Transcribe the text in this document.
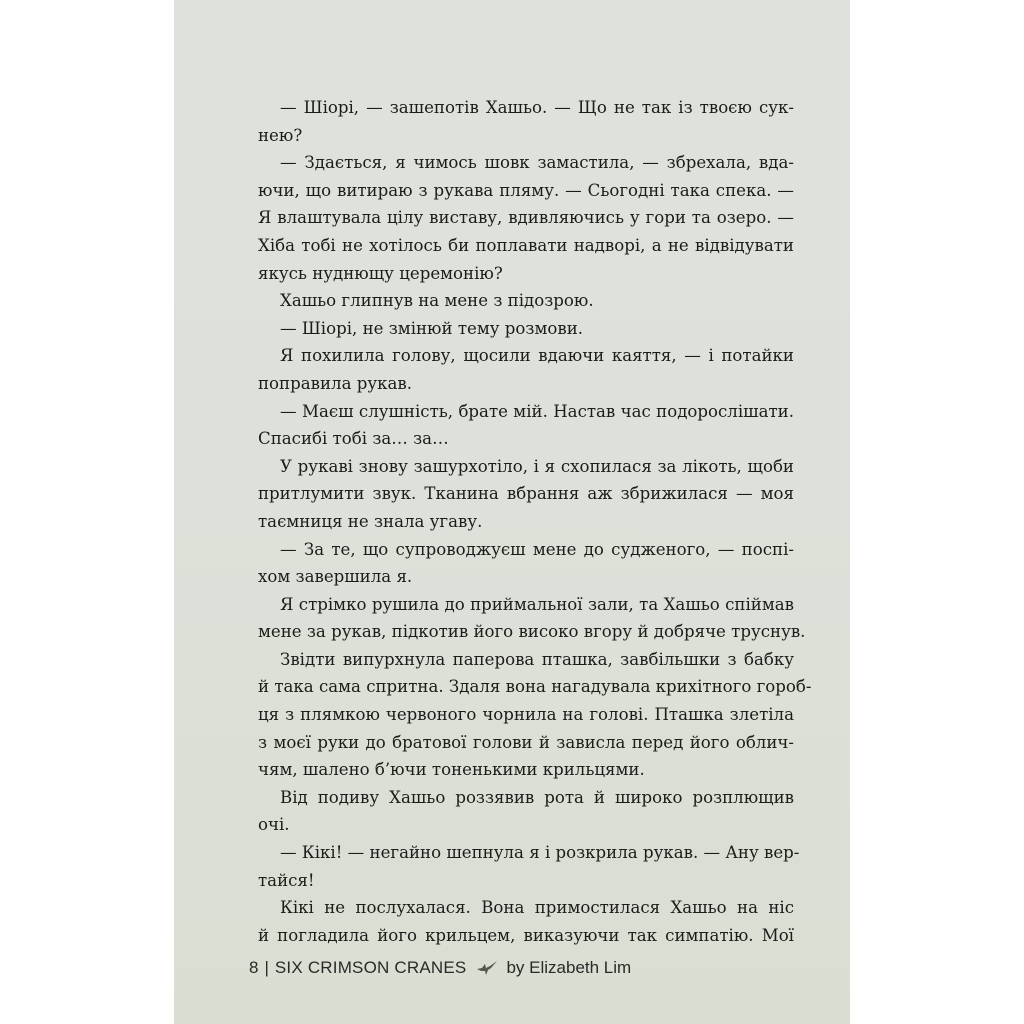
— Шіорі, — зашепотів Хашьо. — Що не так із твоєю сук-
нею?
— Здається, я чимось шовк замастила, — збрехала, вда-
ючи, що витираю з рукава пляму. — Сьогодні така спека. —
Я влаштувала цілу виставу, вдивляючись у гори та озеро. —
Хіба тобі не хотілось би поплавати надворі, а не відвідувати
якусь нуднющу церемонію?
Хашьо глипнув на мене з підозрою.
— Шіорі, не змінюй тему розмови.
Я похилила голову, щосили вдаючи каяття, — і потайки
поправила рукав.
— Маєш слушність, брате мій. Настав час подорослішати.
Спасибі тобі за… за…
У рукаві знову зашурхотіло, і я схопилася за лікоть, щоби
притлумити звук. Тканина вбрання аж збрижилася — моя
таємниця не знала угаву.
— За те, що супроводжуєш мене до судженого, — поспі-
хом завершила я.
Я стрімко рушила до приймальної зали, та Хашьо спіймав
мене за рукав, підкотив його високо вгору й добряче труснув.
Звідти випурхнула паперова пташка, завбільшки з бабку
й така сама спритна. Здаля вона нагадувала крихітного гороб-
ця з плямкою червоного чорнила на голові. Пташка злетіла
з моєї руки до братової голови й зависла перед його облич-
чям, шалено б’ючи тоненькими крильцями.
Від подиву Хашьо роззявив рота й широко розплющив
очі.
— Кікі! — негайно шепнула я і розкрила рукав. — Ану вер-
тайся!
Кікі не послухалася. Вона примостилася Хашьо на ніс
й погладила його крильцем, виказуючи так симпатію. Мої
8 | SIX CRIMSON CRANES by Elizabeth Lim
